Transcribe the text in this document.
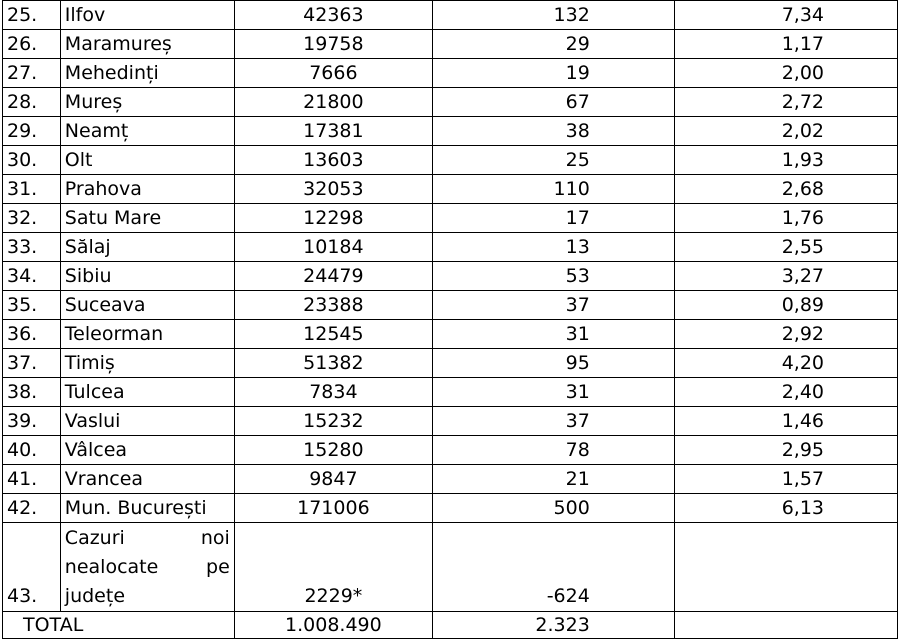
25.	Ilfov	42363	132	7,34
26.	Maramureș	19758	29	1,17
27.	Mehedinți	7666	19	2,00
28.	Mureș	21800	67	2,72
29.	Neamț	17381	38	2,02
30.	Olt	13603	25	1,93
31.	Prahova	32053	110	2,68
32.	Satu Mare	12298	17	1,76
33.	Sălaj	10184	13	2,55
34.	Sibiu	24479	53	3,27
35.	Suceava	23388	37	0,89
36.	Teleorman	12545	31	2,92
37.	Timiș	51382	95	4,20
38.	Tulcea	7834	31	2,40
39.	Vaslui	15232	37	1,46
40.	Vâlcea	15280	78	2,95
41.	Vrancea	9847	21	1,57
42.	Mun. București	171006	500	6,13
43.	Cazuri noi nealocate pe județe	2229*	-624	
TOTAL		1.008.490	2.323	
